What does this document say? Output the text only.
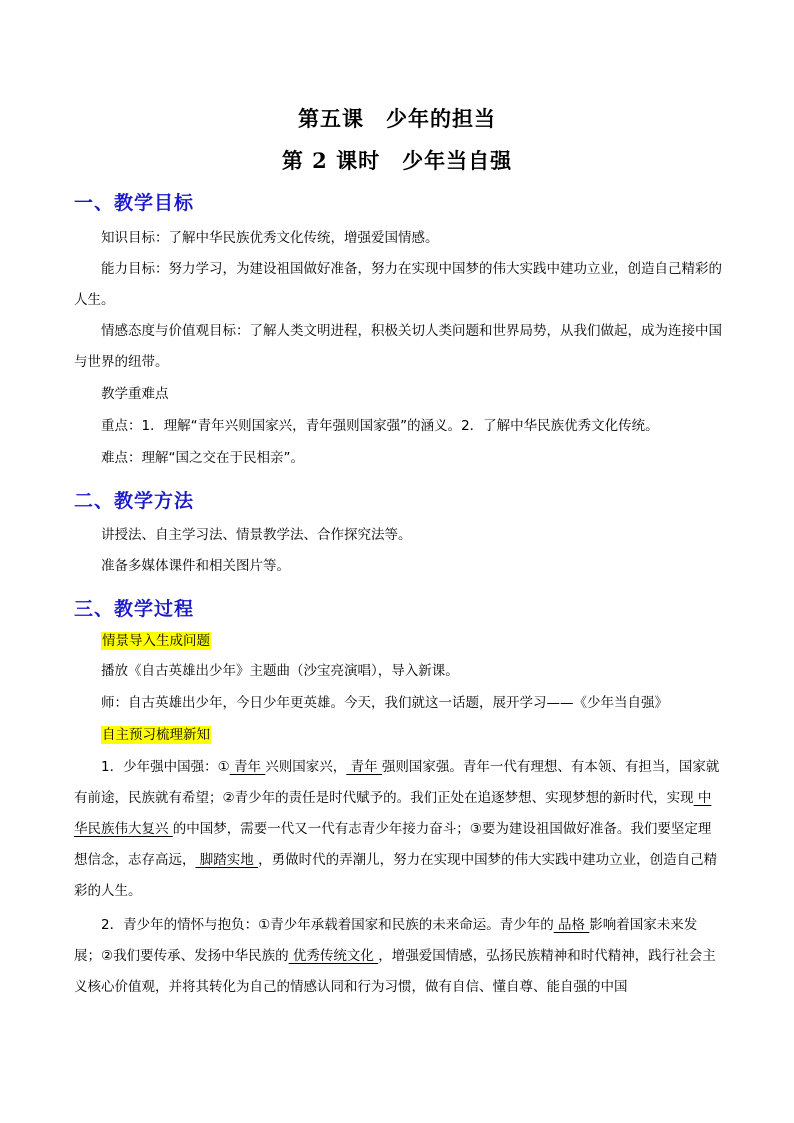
第五课 少年的担当
第 2 课时 少年当自强
一、教学目标
知识目标：了解中华民族优秀文化传统，增强爱国情感。
能力目标：努力学习，为建设祖国做好准备，努力在实现中国梦的伟大实践中建功立业，创造自己精彩的人生。
情感态度与价值观目标：了解人类文明进程，积极关切人类问题和世界局势，从我们做起，成为连接中国与世界的纽带。
教学重难点
重点：1．理解“青年兴则国家兴，青年强则国家强”的涵义。2．了解中华民族优秀文化传统。
难点：理解“国之交在于民相亲”。
二、教学方法
讲授法、自主学习法、情景教学法、合作探究法等。
准备多媒体课件和相关图片等。
三、教学过程
情景导入生成问题
播放《自古英雄出少年》主题曲（沙宝亮演唱），导入新课。
师：自古英雄出少年，今日少年更英雄。今天，我们就这一话题，展开学习——《少年当自强》
自主预习梳理新知
1．少年强中国强：① 青年 兴则国家兴， 青年 强则国家强。青年一代有理想、有本领、有担当，国家就有前途，民族就有希望；②青少年的责任是时代赋予的。我们正处在追逐梦想、实现梦想的新时代，实现 中华民族伟大复兴 的中国梦，需要一代又一代有志青少年接力奋斗；③要为建设祖国做好准备。我们要坚定理想信念，志存高远， 脚踏实地 ，勇做时代的弄潮儿，努力在实现中国梦的伟大实践中建功立业，创造自己精彩的人生。
2．青少年的情怀与抱负：①青少年承载着国家和民族的未来命运。青少年的 品格 影响着国家未来发展；②我们要传承、发扬中华民族的 优秀传统文化 ，增强爱国情感，弘扬民族精神和时代精神，践行社会主义核心价值观，并将其转化为自己的情感认同和行为习惯，做有自信、懂自尊、能自强的中国
